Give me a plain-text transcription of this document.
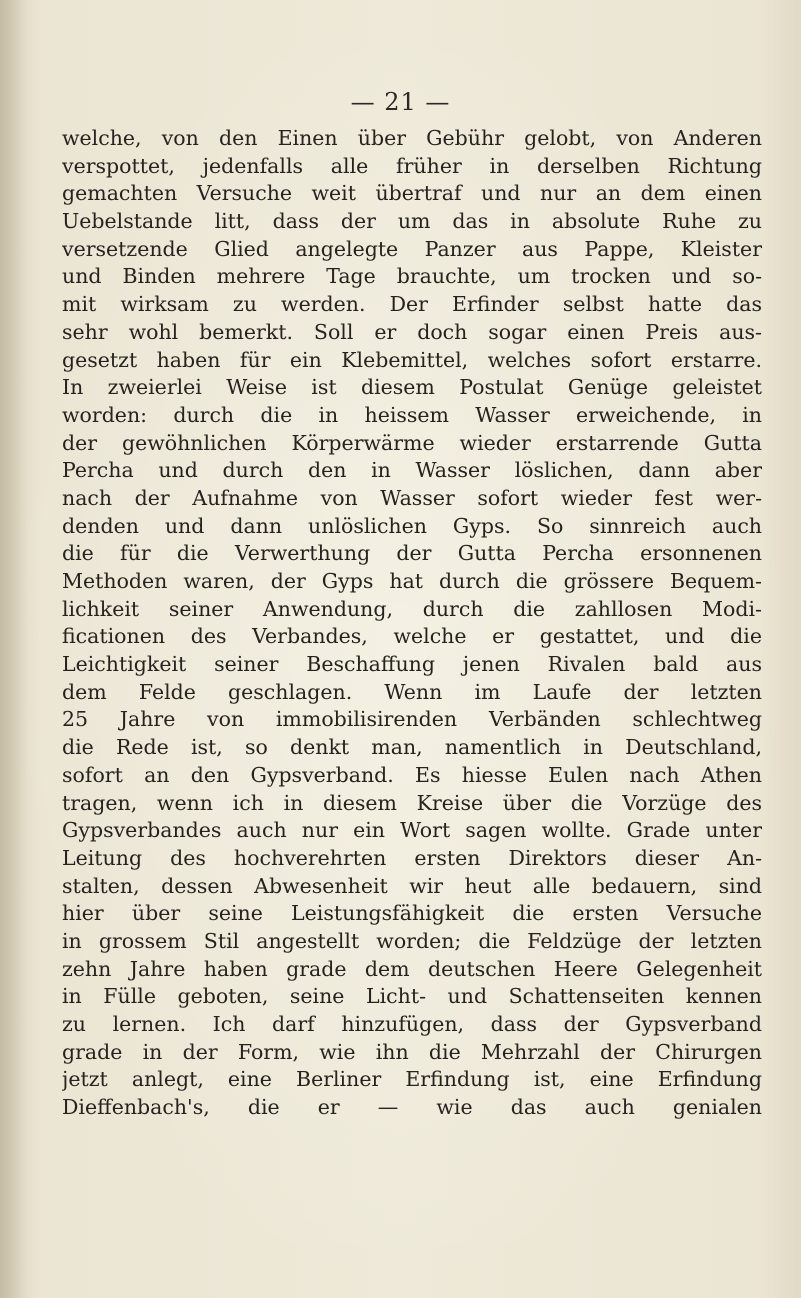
— 21 —
welche, von den Einen über Gebühr gelobt, von Anderen
verspottet, jedenfalls alle früher in derselben Richtung
gemachten Versuche weit übertraf und nur an dem einen
Uebelstande litt, dass der um das in absolute Ruhe zu
versetzende Glied angelegte Panzer aus Pappe, Kleister
und Binden mehrere Tage brauchte, um trocken und so-
mit wirksam zu werden. Der Erfinder selbst hatte das
sehr wohl bemerkt. Soll er doch sogar einen Preis aus-
gesetzt haben für ein Klebemittel, welches sofort erstarre.
In zweierlei Weise ist diesem Postulat Genüge geleistet
worden: durch die in heissem Wasser erweichende, in
der gewöhnlichen Körperwärme wieder erstarrende Gutta
Percha und durch den in Wasser löslichen, dann aber
nach der Aufnahme von Wasser sofort wieder fest wer-
denden und dann unlöslichen Gyps. So sinnreich auch
die für die Verwerthung der Gutta Percha ersonnenen
Methoden waren, der Gyps hat durch die grössere Bequem-
lichkeit seiner Anwendung, durch die zahllosen Modi-
ficationen des Verbandes, welche er gestattet, und die
Leichtigkeit seiner Beschaffung jenen Rivalen bald aus
dem Felde geschlagen. Wenn im Laufe der letzten
25 Jahre von immobilisirenden Verbänden schlechtweg
die Rede ist, so denkt man, namentlich in Deutschland,
sofort an den Gypsverband. Es hiesse Eulen nach Athen
tragen, wenn ich in diesem Kreise über die Vorzüge des
Gypsverbandes auch nur ein Wort sagen wollte. Grade unter
Leitung des hochverehrten ersten Direktors dieser An-
stalten, dessen Abwesenheit wir heut alle bedauern, sind
hier über seine Leistungsfähigkeit die ersten Versuche
in grossem Stil angestellt worden; die Feldzüge der letzten
zehn Jahre haben grade dem deutschen Heere Gelegenheit
in Fülle geboten, seine Licht- und Schattenseiten kennen
zu lernen. Ich darf hinzufügen, dass der Gypsverband
grade in der Form, wie ihn die Mehrzahl der Chirurgen
jetzt anlegt, eine Berliner Erfindung ist, eine Erfindung
Dieffenbach's, die er — wie das auch genialen
